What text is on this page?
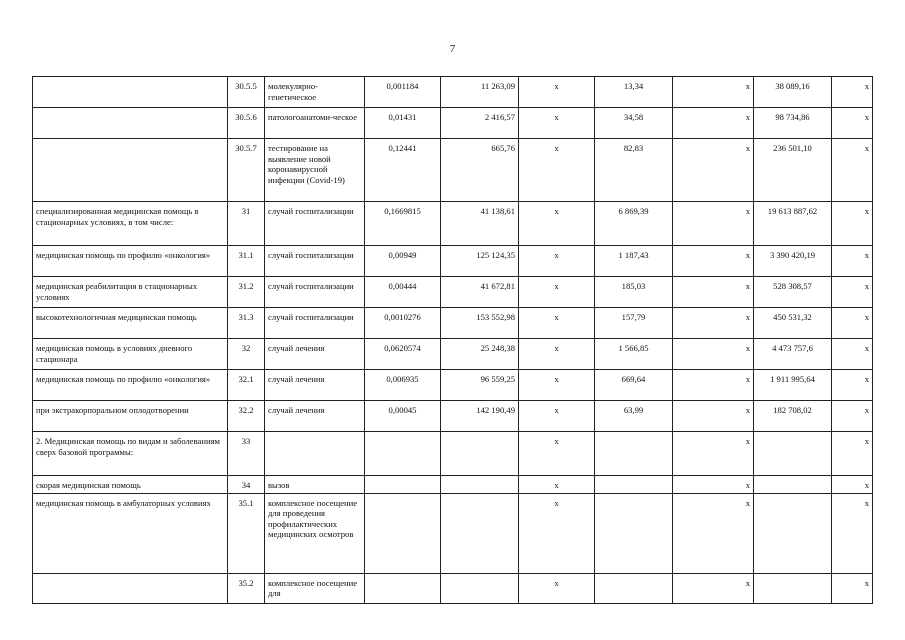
7
	30.5.5	молекулярно-генетическое	0,001184	11 263,09	х	13,34	х	38 089,16	х
	30.5.6	патологоанатоми-ческое	0,01431	2 416,57	х	34,58	х	98 734,86	х
	30.5.7	тестирование на выявление новой коронавирусной инфекции (Covid-19)	0,12441	665,76	х	82,83	х	236 501,10	х
специализированная медицинская помощь в стационарных условиях, в том числе:	31	случай госпитализации	0,1669815	41 138,61	х	6 869,39	х	19 613 887,62	х
медицинская помощь по профилю «онкология»	31.1	случай госпитализации	0,00949	125 124,35	х	1 187,43	х	3 390 420,19	х
медицинская реабилитация в стационарных условиях	31.2	случай госпитализации	0,00444	41 672,81	х	185,03	х	528 308,57	х
высокотехнологичная медицинская помощь	31.3	случай госпитализации	0,0010276	153 552,98	х	157,79	х	450 531,32	х
медицинская помощь в условиях дневного стационара	32	случай лечения	0,0620574	25 248,38	х	1 566,85	х	4 473 757,6	х
медицинская помощь по профилю «онкология»	32.1	случай лечения	0,006935	96 559,25	х	669,64	х	1 911 995,64	х
при экстракорпоральном оплодотворении	32.2	случай лечения	0,00045	142 190,49	х	63,99	х	182 708,02	х
2. Медицинская помощь по видам и заболеваниям сверх базовой программы:	33				х		х		х
скорая медицинская помощь	34	вызов			х		х		х
медицинская помощь в амбулаторных условиях	35.1	комплексное посещение для проведения профилактических медицинских осмотров			х		х		х
	35.2	комплексное посещение для			х		х		х
